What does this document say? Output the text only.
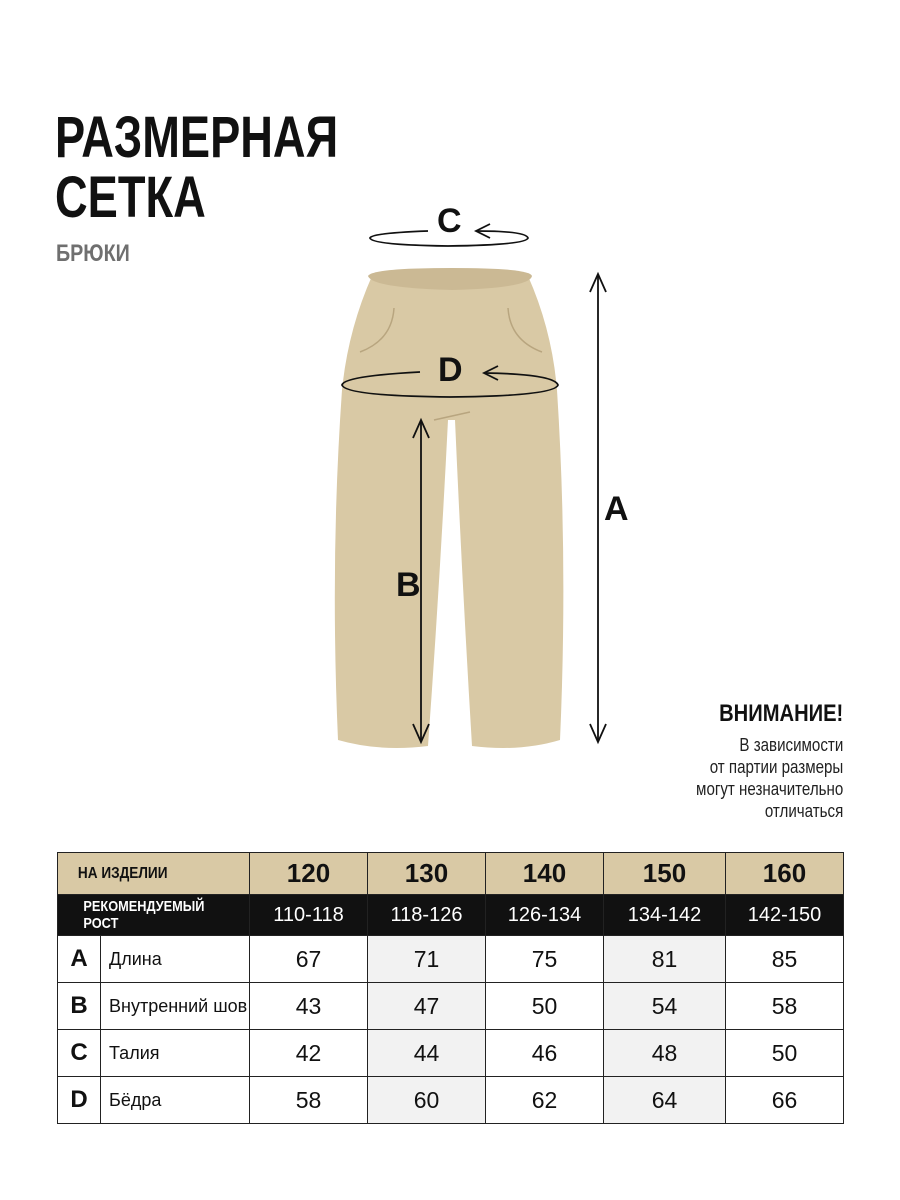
РАЗМЕРНАЯ
СЕТКА
БРЮКИ
C
D
A
B
ВНИМАНИЕ!
В зависимости
от партии размеры
могут незначительно
отличаться
НА ИЗДЕЛИИ		120	130	140	150	160
РЕКОМЕНДУЕМЫЙ РОСТ		110-118	118-126	126-134	134-142	142-150
A	Длина	67	71	75	81	85
B	Внутренний шов	43	47	50	54	58
C	Талия	42	44	46	48	50
D	Бёдра	58	60	62	64	66
